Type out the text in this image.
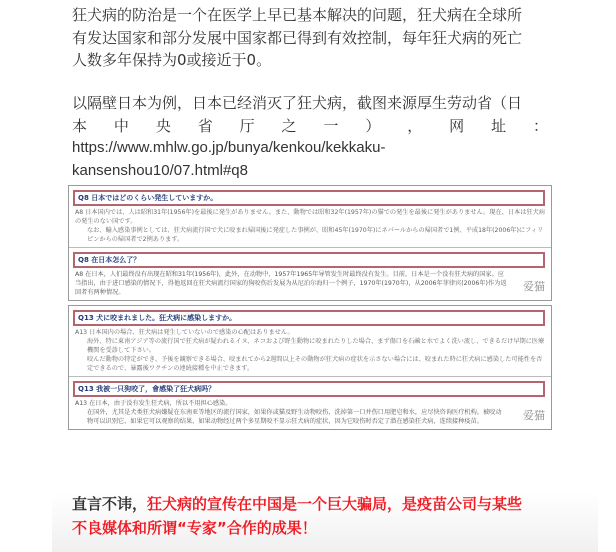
狂犬病的防治是一个在医学上早已基本解决的问题，狂犬病在全球所有发达国家和部分发展中国家都已得到有效控制，每年狂犬病的死亡人数多年保持为0或接近于0。
以隔壁日本为例，日本已经消灭了狂犬病，截图来源厚生劳动省（日
本 中 央 省 厅 之 一 ） ， 网 址 ：
https://www.mhlw.go.jp/bunya/kenkou/kekkaku-
kansenshou10/07.html#q8
Q8 日本ではどのくらい発生していますか。
A8 日本国内では、人は昭和31年(1956年)を最後に発生がありません。また、動物では昭和32年(1957年)の猫での発生を最後に発生がありません。現在、日本は狂犬病の発生のない国です。
なお、輸入感染事例としては、狂犬病流行国で犬に咬まれ帰国後に発症した事例が、昭和45年(1970年)にネパールからの帰国者で1例、平成18年(2006年)にフィリピンからの帰国者で2例あります。
Q8 在日本怎么了？
A8 在日本，人们最终没有出现在昭和31年(1956年)，此外，在动物中，1957年1965年导管发生时最终没有发生。目前，日本是一个没有狂犬病的国家。应当指出，由于进口感染的情况下，得他返回在狂犬病流行国家的狗咬伤后发展为从尼泊尔海归一个例子，1970年(1970年)，从2006年菲律宾(2006年)作为返回者有两种情况。	爱猫
Q13 犬に咬まれました。狂犬病に感染しますか。
A13 日本国内の場合、狂犬病は発生していないので感染の心配はありません。
海外、特に東南アジア等の流行国で狂犬病が疑われるイヌ、ネコおよび野生動物に咬まれたりした場合、まず傷口を石鹸と水でよく洗い流し、できるだけ早期に医療機関を受診して下さい。
咬んだ動物の特定ができ、予後を観察できる場合、咬まれてから2週間以上その動物が狂犬病の症状を示さない場合には、咬まれた時に狂犬病に感染した可能性を否定できるので、暴露後ワクチンの連続接種を中止できます。
Q13 我被一只狗咬了，會感染了狂犬病吗？
A13 在日本，由于没有发生狂犬病，所以不用担心感染。
在国外，尤其是犬类狂犬病嫌疑在东南亚等地区的流行国家，如果你或猫及野生动物咬伤，洗掉第一口并伤口用肥皂和水，应尽快咨询医疗机构。被咬动物可以识别它，如果它可以观察的结果，如果动物经过两个多星期咬不显示狂犬病的症状，因为它咬伤时否定了潜在感染狂犬病，连续接种疫苗。	爱猫
直言不讳，狂犬病的宣传在中国是一个巨大骗局，是疫苗公司与某些不良媒体和所谓“专家”合作的成果！
